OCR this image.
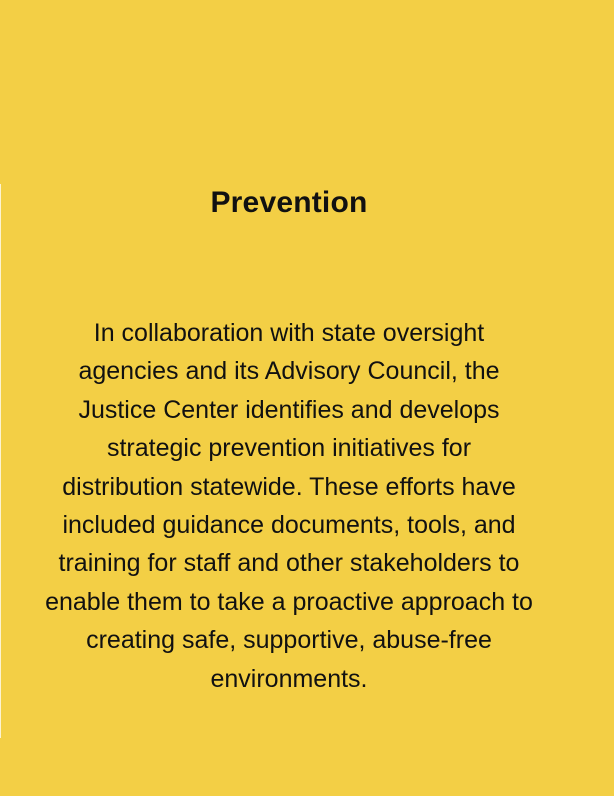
Prevention

In collaboration with state oversight agencies and its Advisory Council, the Justice Center identifies and develops strategic prevention initiatives for distribution statewide. These efforts have included guidance documents, tools, and training for staff and other stakeholders to enable them to take a proactive approach to creating safe, supportive, abuse-free environments.
